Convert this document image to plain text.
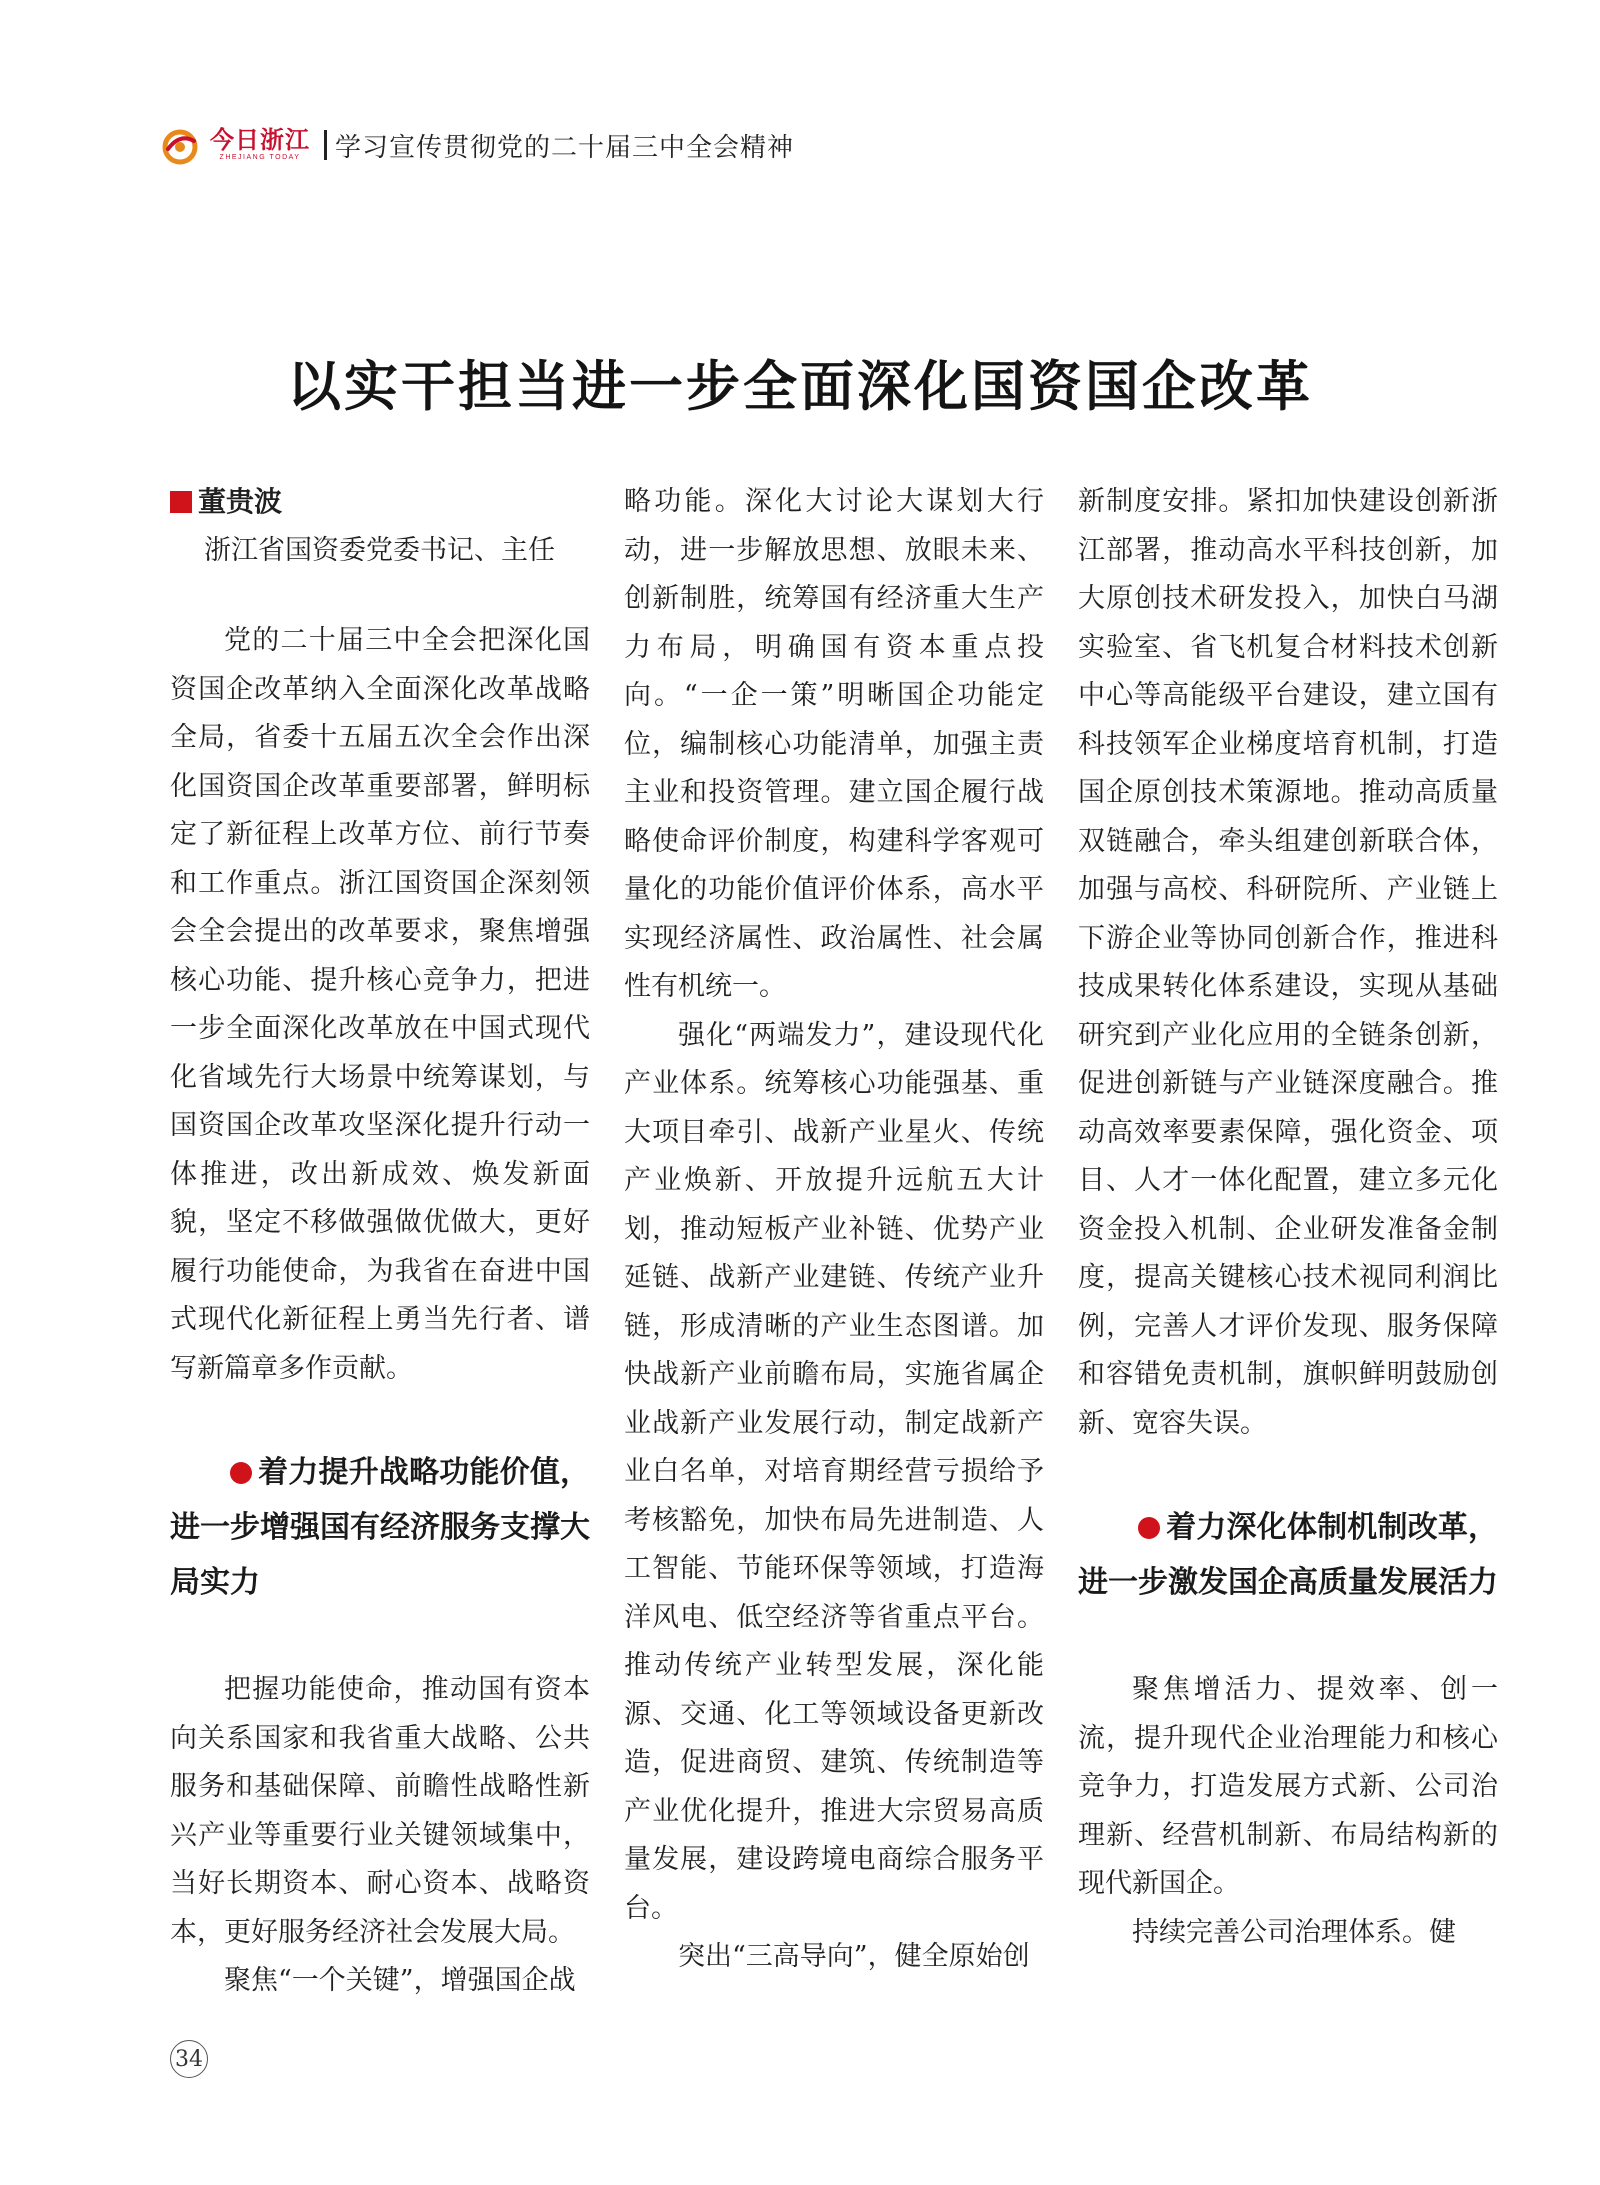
今日浙江
ZHEJIANG TODAY 学习宣传贯彻党的二十届三中全会精神
以实干担当进一步全面深化国资国企改革
董贵波

浙江省国资委党委书记、主任

党的二十届三中全会把深化国资国企改革纳入全面深化改革战略全局，省委十五届五次全会作出深化国资国企改革重要部署，鲜明标定了新征程上改革方位、前行节奏和工作重点。浙江国资国企深刻领会全会提出的改革要求，聚焦增强核心功能、提升核心竞争力，把进一步全面深化改革放在中国式现代化省域先行大场景中统筹谋划，与国资国企改革攻坚深化提升行动一体推进，改出新成效、焕发新面貌，坚定不移做强做优做大，更好履行功能使命，为我省在奋进中国式现代化新征程上勇当先行者、谱写新篇章多作贡献。

着力提升战略功能价值，进一步增强国有经济服务支撑大局实力

把握功能使命，推动国有资本向关系国家和我省重大战略、公共服务和基础保障、前瞻性战略性新兴产业等重要行业关键领域集中，当好长期资本、耐心资本、战略资本，更好服务经济社会发展大局。

聚焦“一个关键”，增强国企战

略功能。深化大讨论大谋划大行动，进一步解放思想、放眼未来、创新制胜，统筹国有经济重大生产力布局，明确国有资本重点投向。“一企一策”明晰国企功能定位，编制核心功能清单，加强主责主业和投资管理。建立国企履行战略使命评价制度，构建科学客观可量化的功能价值评价体系，高水平实现经济属性、政治属性、社会属性有机统一。

强化“两端发力”，建设现代化产业体系。统筹核心功能强基、重大项目牵引、战新产业星火、传统产业焕新、开放提升远航五大计划，推动短板产业补链、优势产业延链、战新产业建链、传统产业升链，形成清晰的产业生态图谱。加快战新产业前瞻布局，实施省属企业战新产业发展行动，制定战新产业白名单，对培育期经营亏损给予考核豁免，加快布局先进制造、人工智能、节能环保等领域，打造海洋风电、低空经济等省重点平台。推动传统产业转型发展，深化能源、交通、化工等领域设备更新改造，促进商贸、建筑、传统制造等产业优化提升，推进大宗贸易高质量发展，建设跨境电商综合服务平台。

突出“三高导向”，健全原始创

新制度安排。紧扣加快建设创新浙江部署，推动高水平科技创新，加大原创技术研发投入，加快白马湖实验室、省飞机复合材料技术创新中心等高能级平台建设，建立国有科技领军企业梯度培育机制，打造国企原创技术策源地。推动高质量双链融合，牵头组建创新联合体，加强与高校、科研院所、产业链上下游企业等协同创新合作，推进科技成果转化体系建设，实现从基础研究到产业化应用的全链条创新，促进创新链与产业链深度融合。推动高效率要素保障，强化资金、项目、人才一体化配置，建立多元化资金投入机制、企业研发准备金制度，提高关键核心技术视同利润比例，完善人才评价发现、服务保障和容错免责机制，旗帜鲜明鼓励创新、宽容失误。

着力深化体制机制改革，进一步激发国企高质量发展活力

聚焦增活力、提效率、创一流，提升现代企业治理能力和核心竞争力，打造发展方式新、公司治理新、经营机制新、布局结构新的现代新国企。

持续完善公司治理体系。健

34
